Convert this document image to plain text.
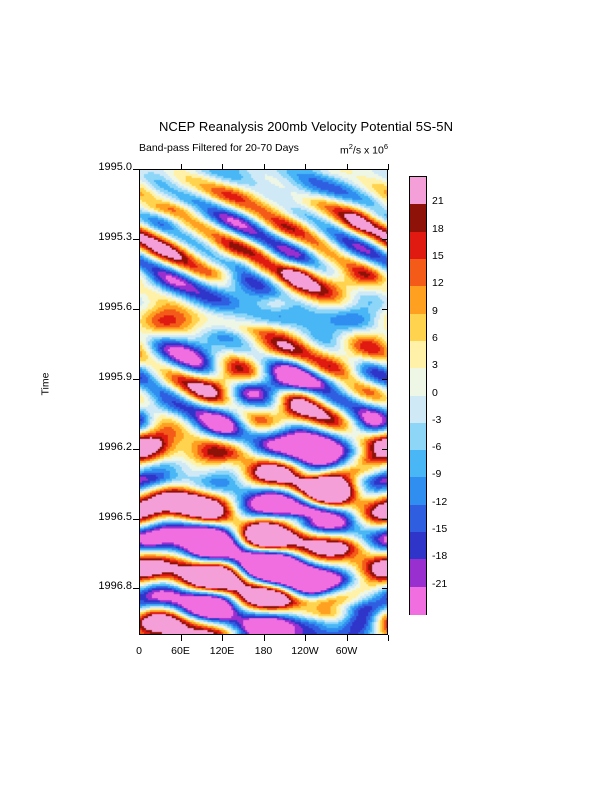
NCEP Reanalysis 200mb Velocity Potential 5S-5N
Band-pass Filtered for 20-70 Days	$m^2/s$ x $10^6$
Time
1995.0
1995.3
1995.6
1995.9
1996.2
1996.5
1996.8
0	60E	120E	180	120W	60W
21
18
15
12
9
6
3
0
-3
-6
-9
-12
-15
-18
-21
